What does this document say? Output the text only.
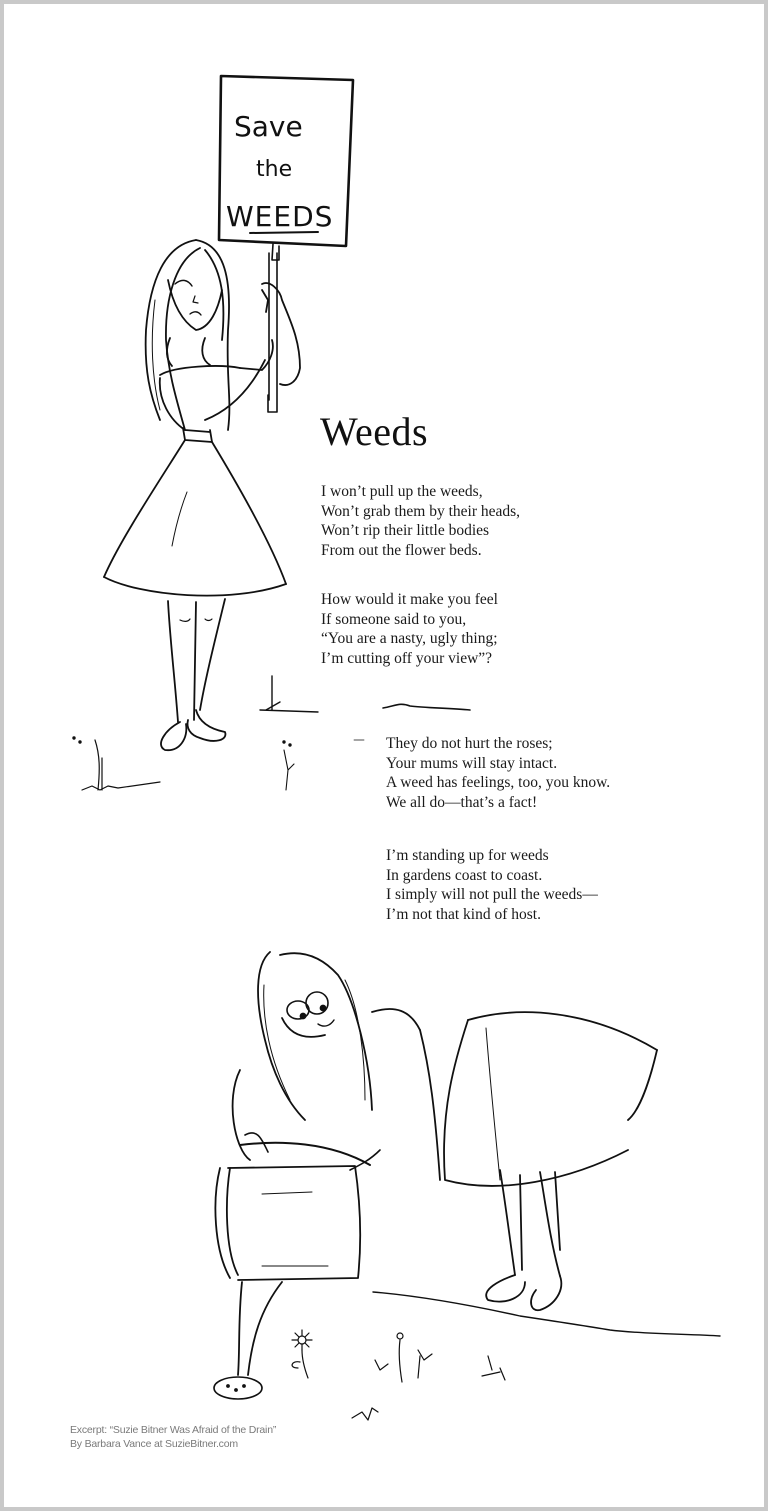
Save
the
WEEDS
Weeds
I won’t pull up the weeds,
Won’t grab them by their heads,
Won’t rip their little bodies
From out the flower beds.
How would it make you feel
If someone said to you,
“You are a nasty, ugly thing;
I’m cutting off your view”?
They do not hurt the roses;
Your mums will stay intact.
A weed has feelings, too, you know.
We all do—that’s a fact!
I’m standing up for weeds
In gardens coast to coast.
I simply will not pull the weeds—
I’m not that kind of host.
Excerpt: “Suzie Bitner Was Afraid of the Drain”
By Barbara Vance at SuzieBitner.com
